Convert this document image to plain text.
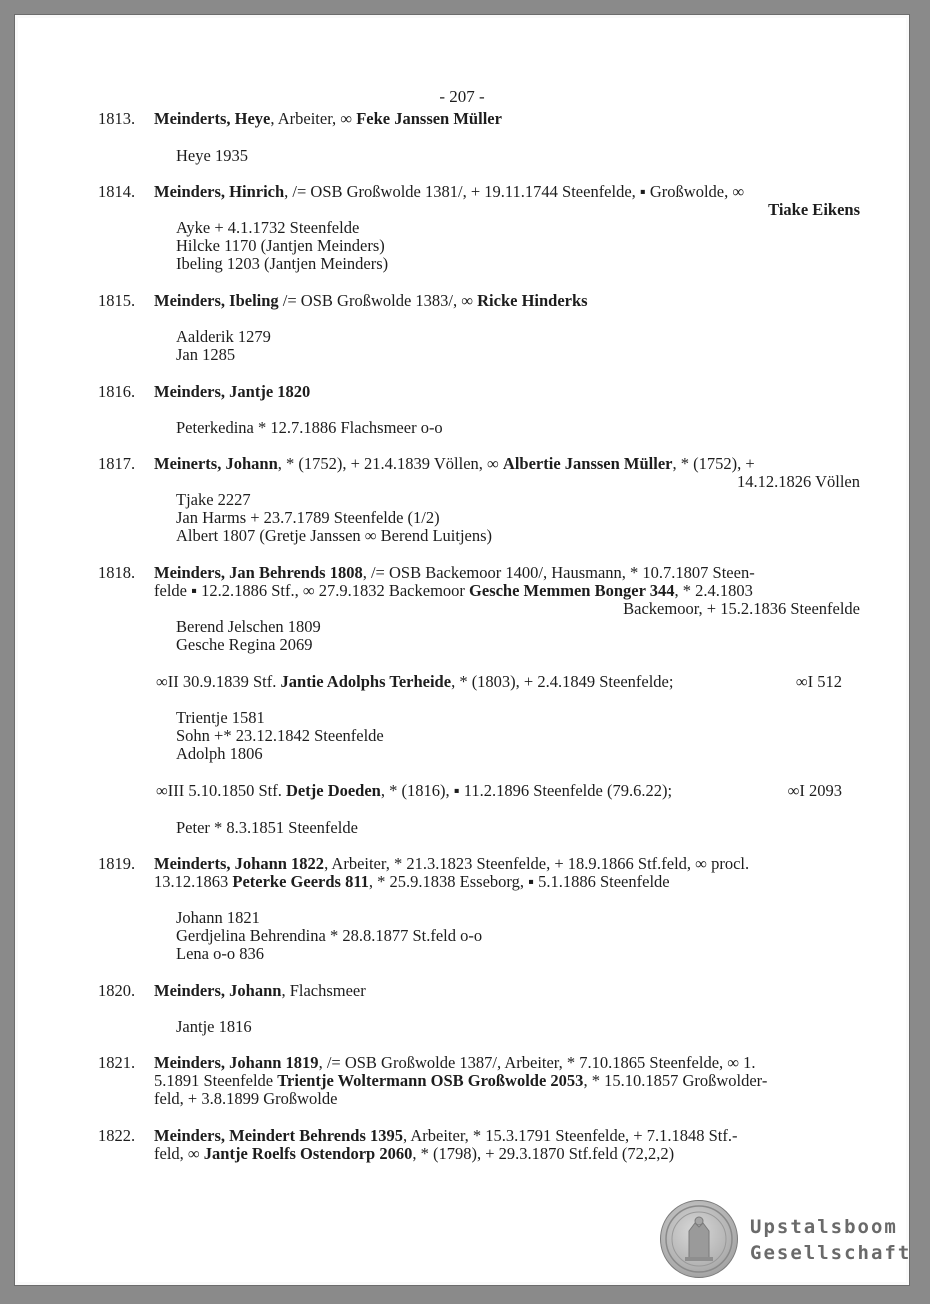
- 207 -
1813.	Meinderts, Heye, Arbeiter, ∞ Feke Janssen Müller
Heye 1935
1814.	Meinders, Hinrich, /= OSB Großwolde 1381/, + 19.11.1744 Steenfelde, ▪ Großwolde, ∞
Tiake Eikens
Ayke + 4.1.1732 Steenfelde
Hilcke 1170 (Jantjen Meinders)
Ibeling 1203 (Jantjen Meinders)
1815.	Meinders, Ibeling /= OSB Großwolde 1383/, ∞ Ricke Hinderks
Aalderik 1279
Jan 1285
1816.	Meinders, Jantje 1820
Peterkedina * 12.7.1886 Flachsmeer o-o
1817.	Meinerts, Johann, * (1752), + 21.4.1839 Völlen, ∞ Albertie Janssen Müller, * (1752), +
14.12.1826 Völlen
Tjake 2227
Jan Harms + 23.7.1789 Steenfelde (1/2)
Albert 1807 (Gretje Janssen ∞ Berend Luitjens)
1818.	Meinders, Jan Behrends 1808, /= OSB Backemoor 1400/, Hausmann, * 10.7.1807 Steen-
felde ▪ 12.2.1886 Stf., ∞ 27.9.1832 Backemoor Gesche Memmen Bonger 344, * 2.4.1803
Backemoor, + 15.2.1836 Steenfelde
Berend Jelschen 1809
Gesche Regina 2069
∞II 30.9.1839 Stf. Jantie Adolphs Terheide, * (1803), + 2.4.1849 Steenfelde;	∞I 512
Trientje 1581
Sohn +* 23.12.1842 Steenfelde
Adolph 1806
∞III 5.10.1850 Stf. Detje Doeden, * (1816), ▪ 11.2.1896 Steenfelde (79.6.22);	∞I 2093
Peter * 8.3.1851 Steenfelde
1819.	Meinderts, Johann 1822, Arbeiter, * 21.3.1823 Steenfelde, + 18.9.1866 Stf.feld, ∞ procl.
13.12.1863 Peterke Geerds 811, * 25.9.1838 Esseborg, ▪ 5.1.1886 Steenfelde
Johann 1821
Gerdjelina Behrendina * 28.8.1877 St.feld o-o
Lena o-o 836
1820.	Meinders, Johann, Flachsmeer
Jantje 1816
1821.	Meinders, Johann 1819, /= OSB Großwolde 1387/, Arbeiter, * 7.10.1865 Steenfelde, ∞ 1.
5.1891 Steenfelde Trientje Woltermann OSB Großwolde 2053, * 15.10.1857 Großwolder-
feld, + 3.8.1899 Großwolde
1822.	Meinders, Meindert Behrends 1395, Arbeiter, * 15.3.1791 Steenfelde, + 7.1.1848 Stf.-
feld, ∞ Jantje Roelfs Ostendorp 2060, * (1798), + 29.3.1870 Stf.feld (72,2,2)
Upstalsboom
Gesellschaft
